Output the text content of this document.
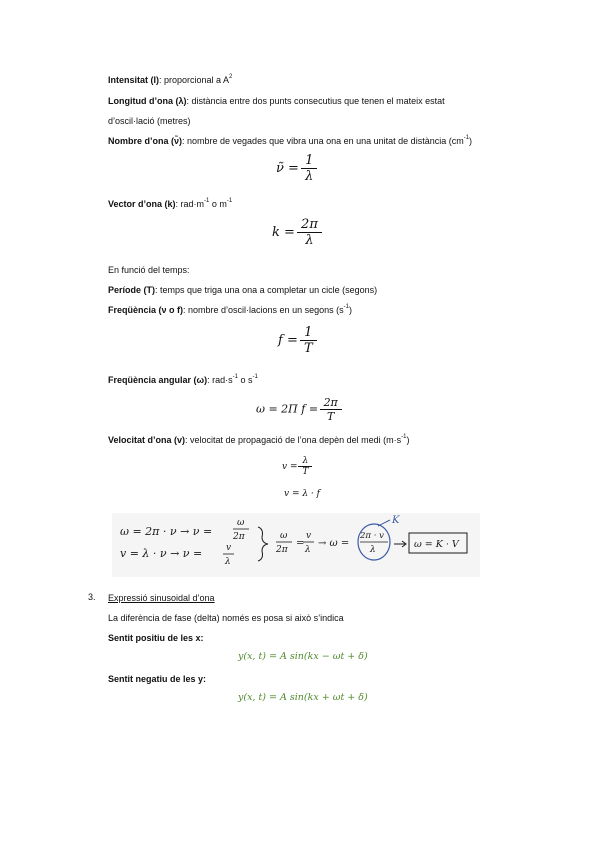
Intensitat (I): proporcional a $A^2$
Longitud d’ona (λ): distància entre dos punts consecutius que tenen el mateix estat
d’oscil·lació (metres)
Nombre d’ona (ν̃): nombre de vegades que vibra una ona en una unitat de distància $(cm^{-1})$
ν̃ = $\frac{1}{\lambda}$
Vector d’ona (k): $rad\cdot m^{-1}$ o $m^{-1}$
$k = \frac{2\pi}{\lambda}$
En funció del temps:
Període (T): temps que triga una ona a completar un cicle (segons)
Freqüència (ν o f): nombre d’oscil·lacions en un segons $(s^{-1})$
$f = \frac{1}{T}$
Freqüència angular (ω): $rad\cdot s^{-1}$ o $s^{-1}$
ω = 2Π $f = \frac{2\pi}{T}$
Velocitat d’ona (v): velocitat de propagació de l’ona depèn del medi $(m\cdot s^{-1})$
$v = \frac{\lambda}{T}$
v = λ · f
ω = 2π · ν → ν =
ω
2π
v = λ · ν → ν =	v
λ
ω
2π
=
v
λ
→ ω =
2π · v
λ
K
ω = K · V
3. Expressió sinusoidal d’ona
La diferència de fase (delta) només es posa si això s’indica
Sentit positiu de les x:
y(x, t) = A sin(kx − ωt + δ)
Sentit negatiu de les y:
y(x, t) = A sin(kx + ωt + δ)
